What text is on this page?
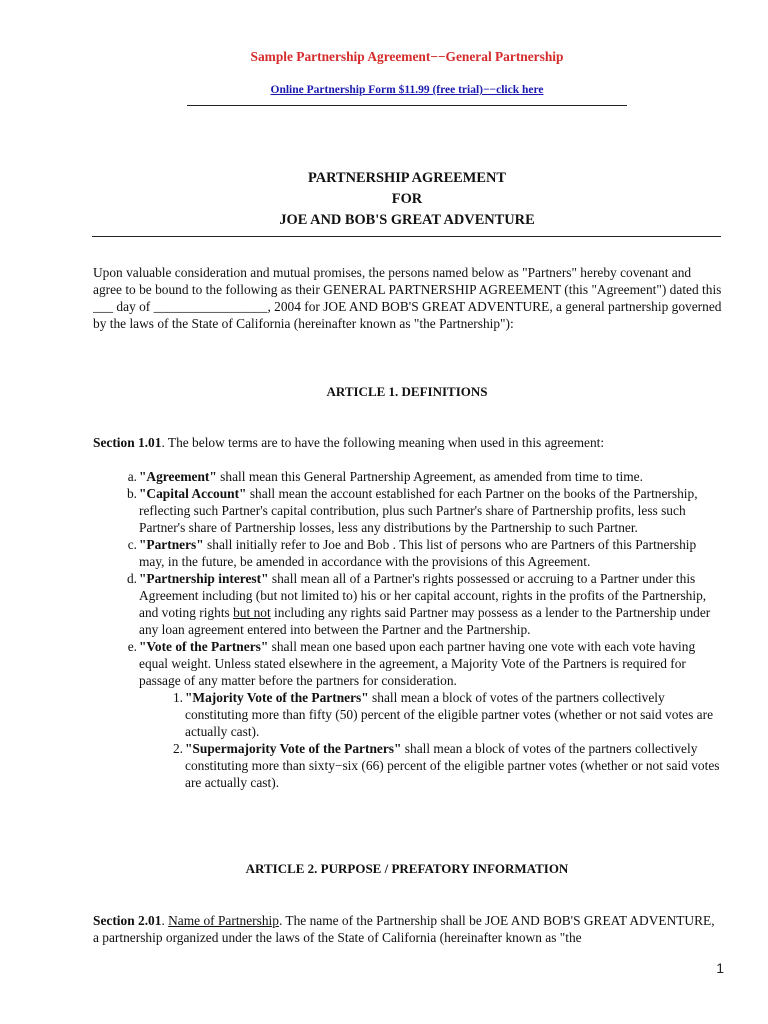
Sample Partnership Agreement−−General Partnership
Online Partnership Form $11.99 (free trial)−−click here
PARTNERSHIP AGREEMENT
FOR
JOE AND BOB'S GREAT ADVENTURE
Upon valuable consideration and mutual promises, the persons named below as "Partners" hereby covenant and agree to be bound to the following as their GENERAL PARTNERSHIP AGREEMENT (this "Agreement") dated this ___ day of _________________, 2004 for JOE AND BOB'S GREAT ADVENTURE, a general partnership governed by the laws of the State of California (hereinafter known as "the Partnership"):
ARTICLE 1. DEFINITIONS
Section 1.01. The below terms are to have the following meaning when used in this agreement:
a. "Agreement" shall mean this General Partnership Agreement, as amended from time to time.
b. "Capital Account" shall mean the account established for each Partner on the books of the Partnership, reflecting such Partner's capital contribution, plus such Partner's share of Partnership profits, less such Partner's share of Partnership losses, less any distributions by the Partnership to such Partner.
c. "Partners" shall initially refer to Joe and Bob . This list of persons who are Partners of this Partnership may, in the future, be amended in accordance with the provisions of this Agreement.
d. "Partnership interest" shall mean all of a Partner's rights possessed or accruing to a Partner under this Agreement including (but not limited to) his or her capital account, rights in the profits of the Partnership, and voting rights but not including any rights said Partner may possess as a lender to the Partnership under any loan agreement entered into between the Partner and the Partnership.
e. "Vote of the Partners" shall mean one based upon each partner having one vote with each vote having equal weight. Unless stated elsewhere in the agreement, a Majority Vote of the Partners is required for passage of any matter before the partners for consideration.
1. "Majority Vote of the Partners" shall mean a block of votes of the partners collectively constituting more than fifty (50) percent of the eligible partner votes (whether or not said votes are actually cast).
2. "Supermajority Vote of the Partners" shall mean a block of votes of the partners collectively constituting more than sixty−six (66) percent of the eligible partner votes (whether or not said votes are actually cast).
ARTICLE 2. PURPOSE / PREFATORY INFORMATION
Section 2.01. Name of Partnership. The name of the Partnership shall be JOE AND BOB'S GREAT ADVENTURE, a partnership organized under the laws of the State of California (hereinafter known as "the
1
